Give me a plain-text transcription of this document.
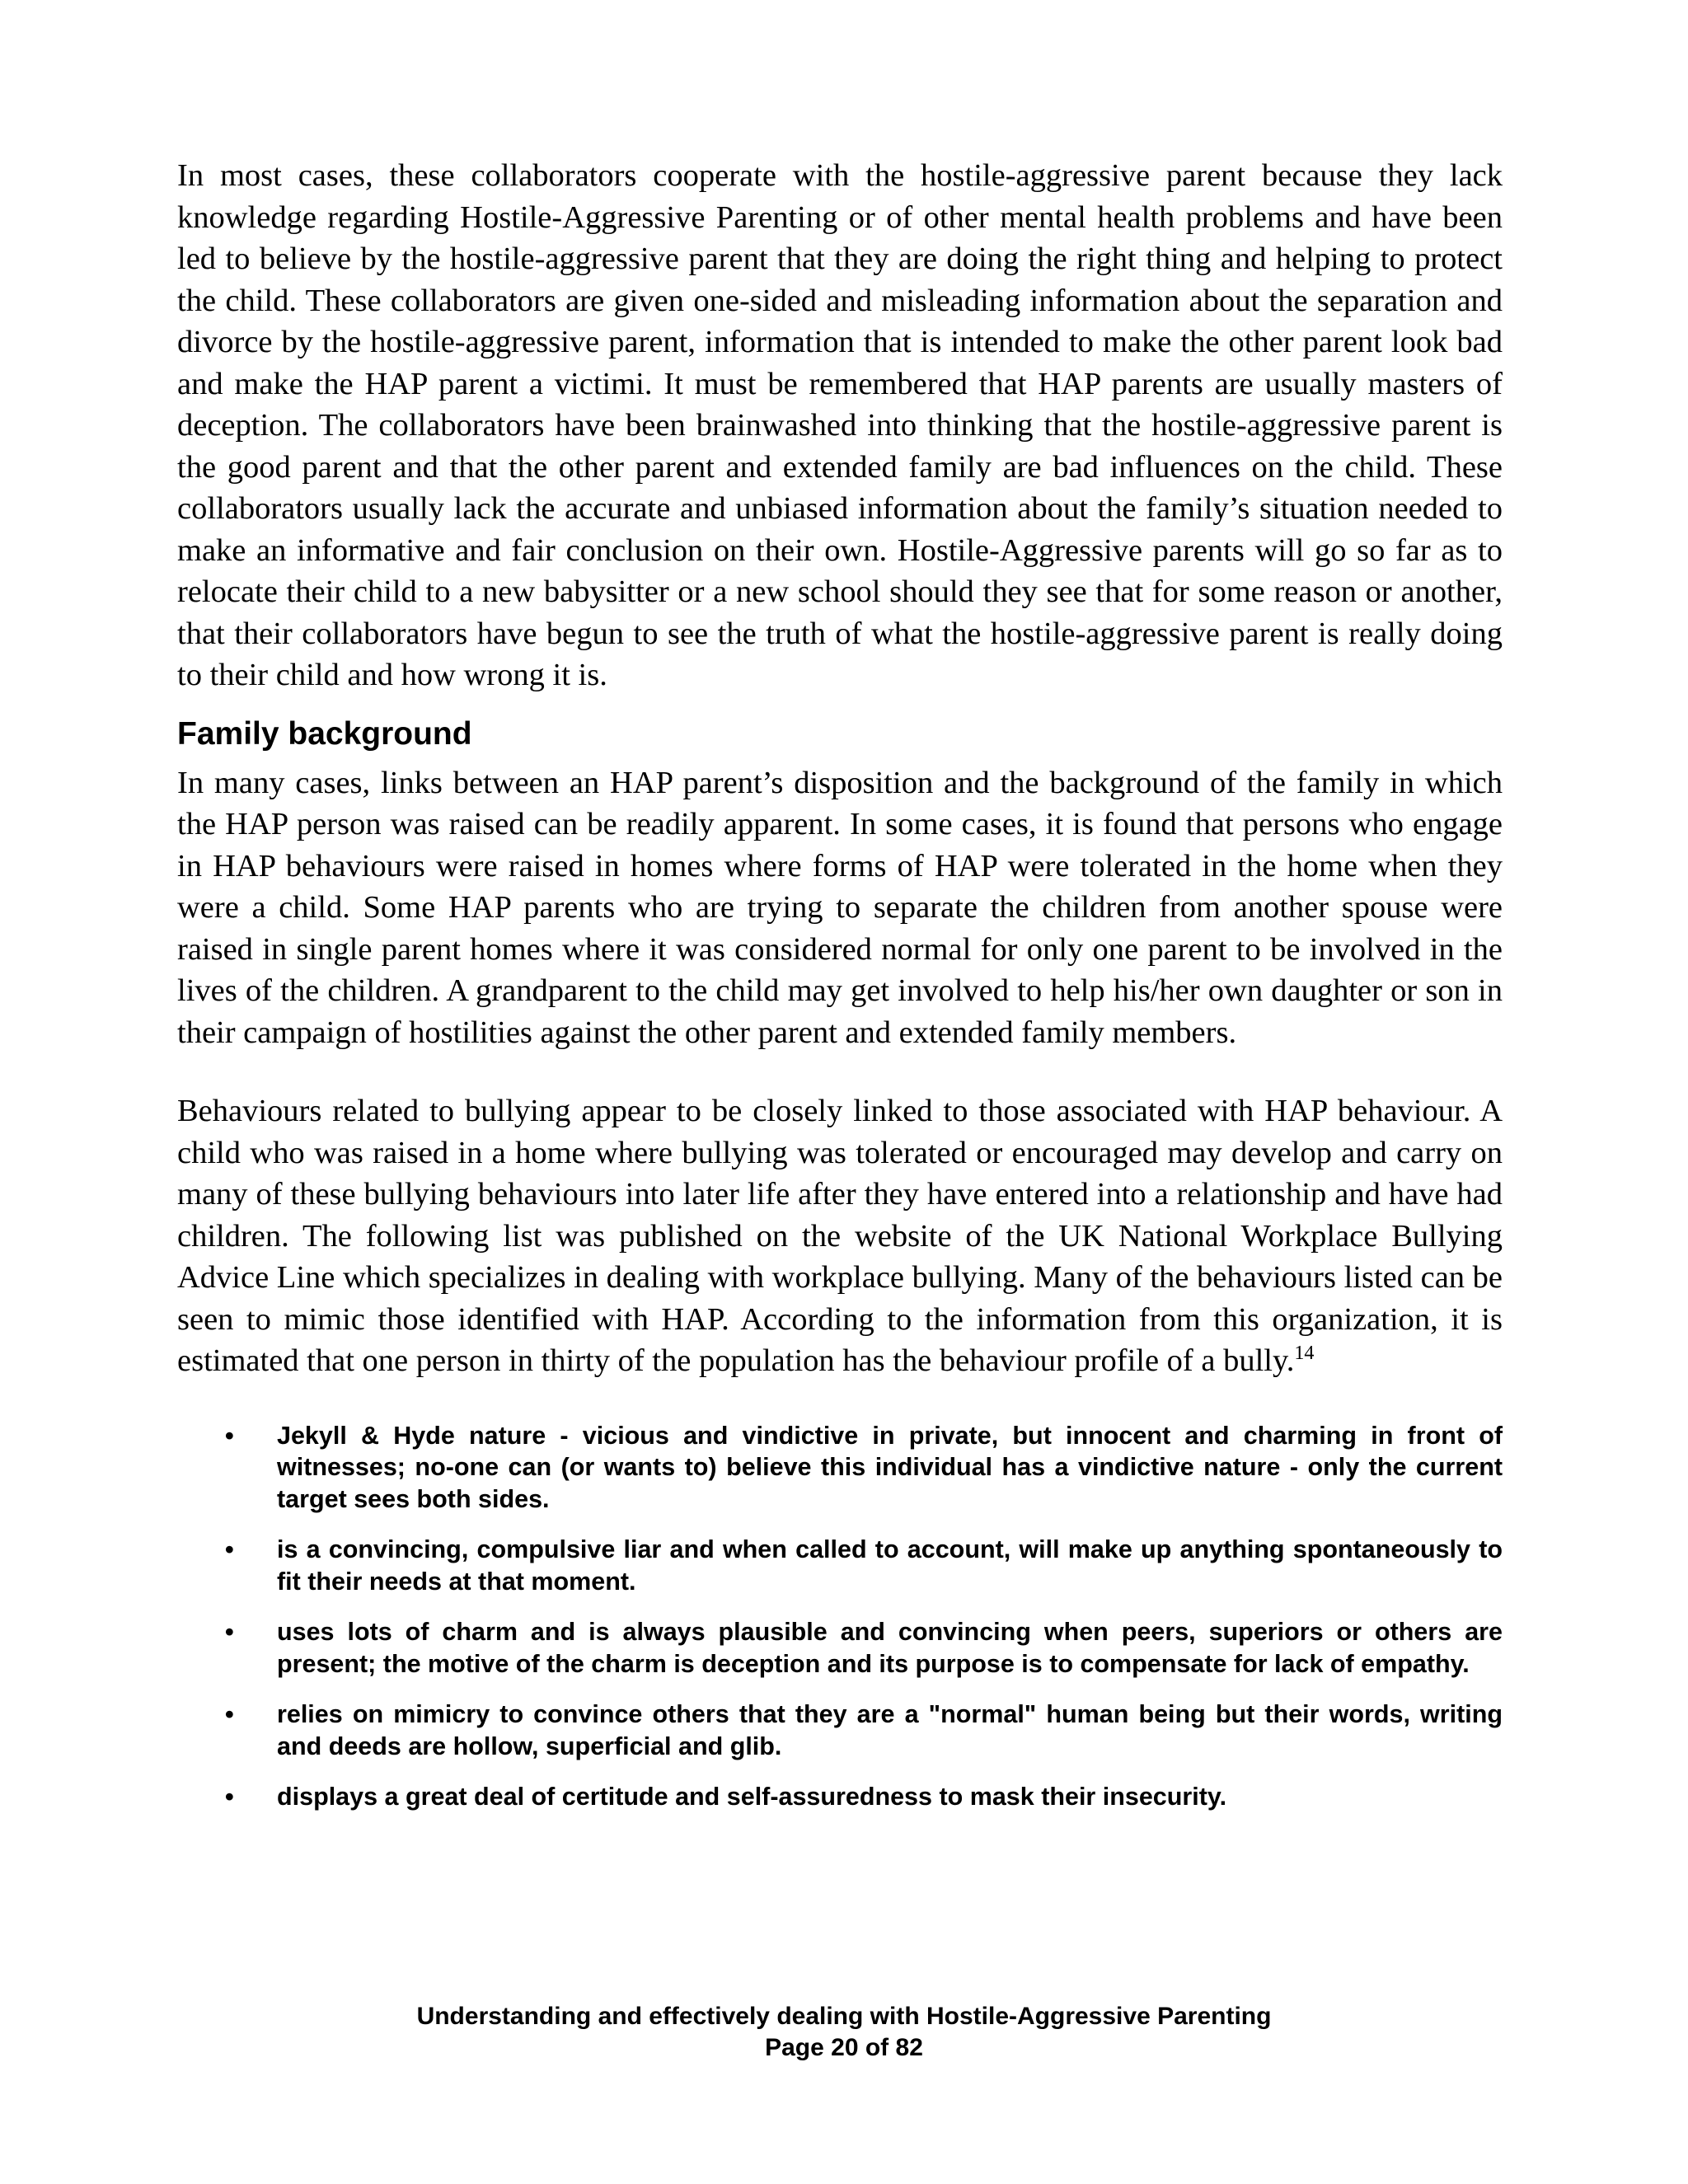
In most cases, these collaborators cooperate with the hostile-aggressive parent because they lack knowledge regarding Hostile-Aggressive Parenting or of other mental health problems and have been led to believe by the hostile-aggressive parent that they are doing the right thing and helping to protect the child. These collaborators are given one-sided and misleading information about the separation and divorce by the hostile-aggressive parent, information that is intended to make the other parent look bad and make the HAP parent a victimi. It must be remembered that HAP parents are usually masters of deception. The collaborators have been brainwashed into thinking that the hostile-aggressive parent is the good parent and that the other parent and extended family are bad influences on the child. These collaborators usually lack the accurate and unbiased information about the family’s situation needed to make an informative and fair conclusion on their own. Hostile-Aggressive parents will go so far as to relocate their child to a new babysitter or a new school should they see that for some reason or another, that their collaborators have begun to see the truth of what the hostile-aggressive parent is really doing to their child and how wrong it is.

Family background

In many cases, links between an HAP parent’s disposition and the background of the family in which the HAP person was raised can be readily apparent. In some cases, it is found that persons who engage in HAP behaviours were raised in homes where forms of HAP were tolerated in the home when they were a child. Some HAP parents who are trying to separate the children from another spouse were raised in single parent homes where it was considered normal for only one parent to be involved in the lives of the children. A grandparent to the child may get involved to help his/her own daughter or son in their campaign of hostilities against the other parent and extended family members.

Behaviours related to bullying appear to be closely linked to those associated with HAP behaviour. A child who was raised in a home where bullying was tolerated or encouraged may develop and carry on many of these bullying behaviours into later life after they have entered into a relationship and have had children. The following list was published on the website of the UK National Workplace Bullying Advice Line which specializes in dealing with workplace bullying. Many of the behaviours listed can be seen to mimic those identified with HAP. According to the information from this organization, it is estimated that one person in thirty of the population has the behaviour profile of a bully.$^{14}$

• Jekyll & Hyde nature - vicious and vindictive in private, but innocent and charming in front of witnesses; no-one can (or wants to) believe this individual has a vindictive nature - only the current target sees both sides.
• is a convincing, compulsive liar and when called to account, will make up anything spontaneously to fit their needs at that moment.
• uses lots of charm and is always plausible and convincing when peers, superiors or others are present; the motive of the charm is deception and its purpose is to compensate for lack of empathy.
• relies on mimicry to convince others that they are a "normal" human being but their words, writing and deeds are hollow, superficial and glib.
• displays a great deal of certitude and self-assuredness to mask their insecurity.
Understanding and effectively dealing with Hostile-Aggressive Parenting
Page 20 of 82
